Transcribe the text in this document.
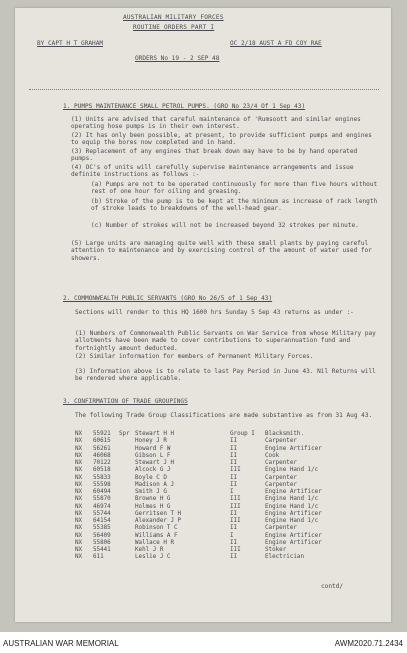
AUSTRALIAN MILITARY FORCES
ROUTINE ORDERS PART I
BY CAPT H T GRAHAM	OC 2/18 AUST A FD COY RAE
ORDERS No 19 - 2 SEP 48
1. PUMPS MAINTENANCE SMALL PETROL PUMPS. (GRO No 23/4 Of 1 Sep 43)
(1) Units are advised that careful maintenance of 'Rumsoott and similar engines operating hose pumps is in their own interest.
(2) It has only been possible, at present, to provide sufficient pumps and engines to equip the bores now completed and in hand.
(3) Replacement of any engines that break down may have to be by hand operated pumps.
(4) OC's of units will carefully supervise maintenance arrangements and issue definite instructions as follows :-
(a) Pumps are not to be operated continuously for more than five hours without rest of one hour for oiling and greasing.
(b) Stroke of the pump is to be kept at the minimum as increase of rack length of stroke leads to breakdowns of the well-head gear.
(c) Number of strokes will not be increased beyond 32 strokes per minute.
(5) Large units are managing quite well with these small plants by paying careful attention to maintenance and by exercising control of the amount of water used for showers.
2. COMMONWEALTH PUBLIC SERVANTS (GRO No 26/5 of 1 Sep 43)
Sections will render to this HQ 1600 hrs Sunday 5 Sep 43 returns as under :-
(1) Numbers of Commonwealth Public Servants on War Service from whose Military pay allotments have been made to cover contributions to superannuation fund and fortnightly amount deducted.
(2) Similar information for members of Permanent Military Forces.
(3) Information above is to relate to last Pay Period in June 43. Nil Returns will be rendered where applicable.
3. CONFIRMATION OF TRADE GROUPINGS
The following Trade Group Classifications are made substantive as from 31 Aug 43.
NX 55921 Spr Stewart H H	Group I Blacksmith.
NX 60615	Honey J R	II	Carpenter
NX 56261	Howard F W	II	Engine Artificer
NX 46068	Gibson L F	II	Cook
NX 70122	Stewart J H	II	Carpenter
NX 60518	Alcock G J	III	Engine Hand 1/c
NX 55833	Boyle C D	II	Carpenter
NX 55598	Madison A J	II	Carpenter
NX 60494	Smith J G	I	Engine Artificer
NX 55870	Browne H G	III	Engine Hand 1/c
NX 46974	Holmes H G	III	Engine Hand 1/c
NX 55744	Gerritsen T H	II	Engine Artificer
NX 64154	Alexander J P	III	Engine Hand 1/c
NX 55385	Robinson T C	II	Carpenter
NX 56409	Williams A F	I	Engine Artificer
NX 55806	Wallace H R	II	Engine Artificer
NX 55441	Kehl J R	III	Stoker
NX 611	Leslie J C	II	Electrician
contd/
AUSTRALIAN WAR MEMORIAL	AWM2020.71.2434
